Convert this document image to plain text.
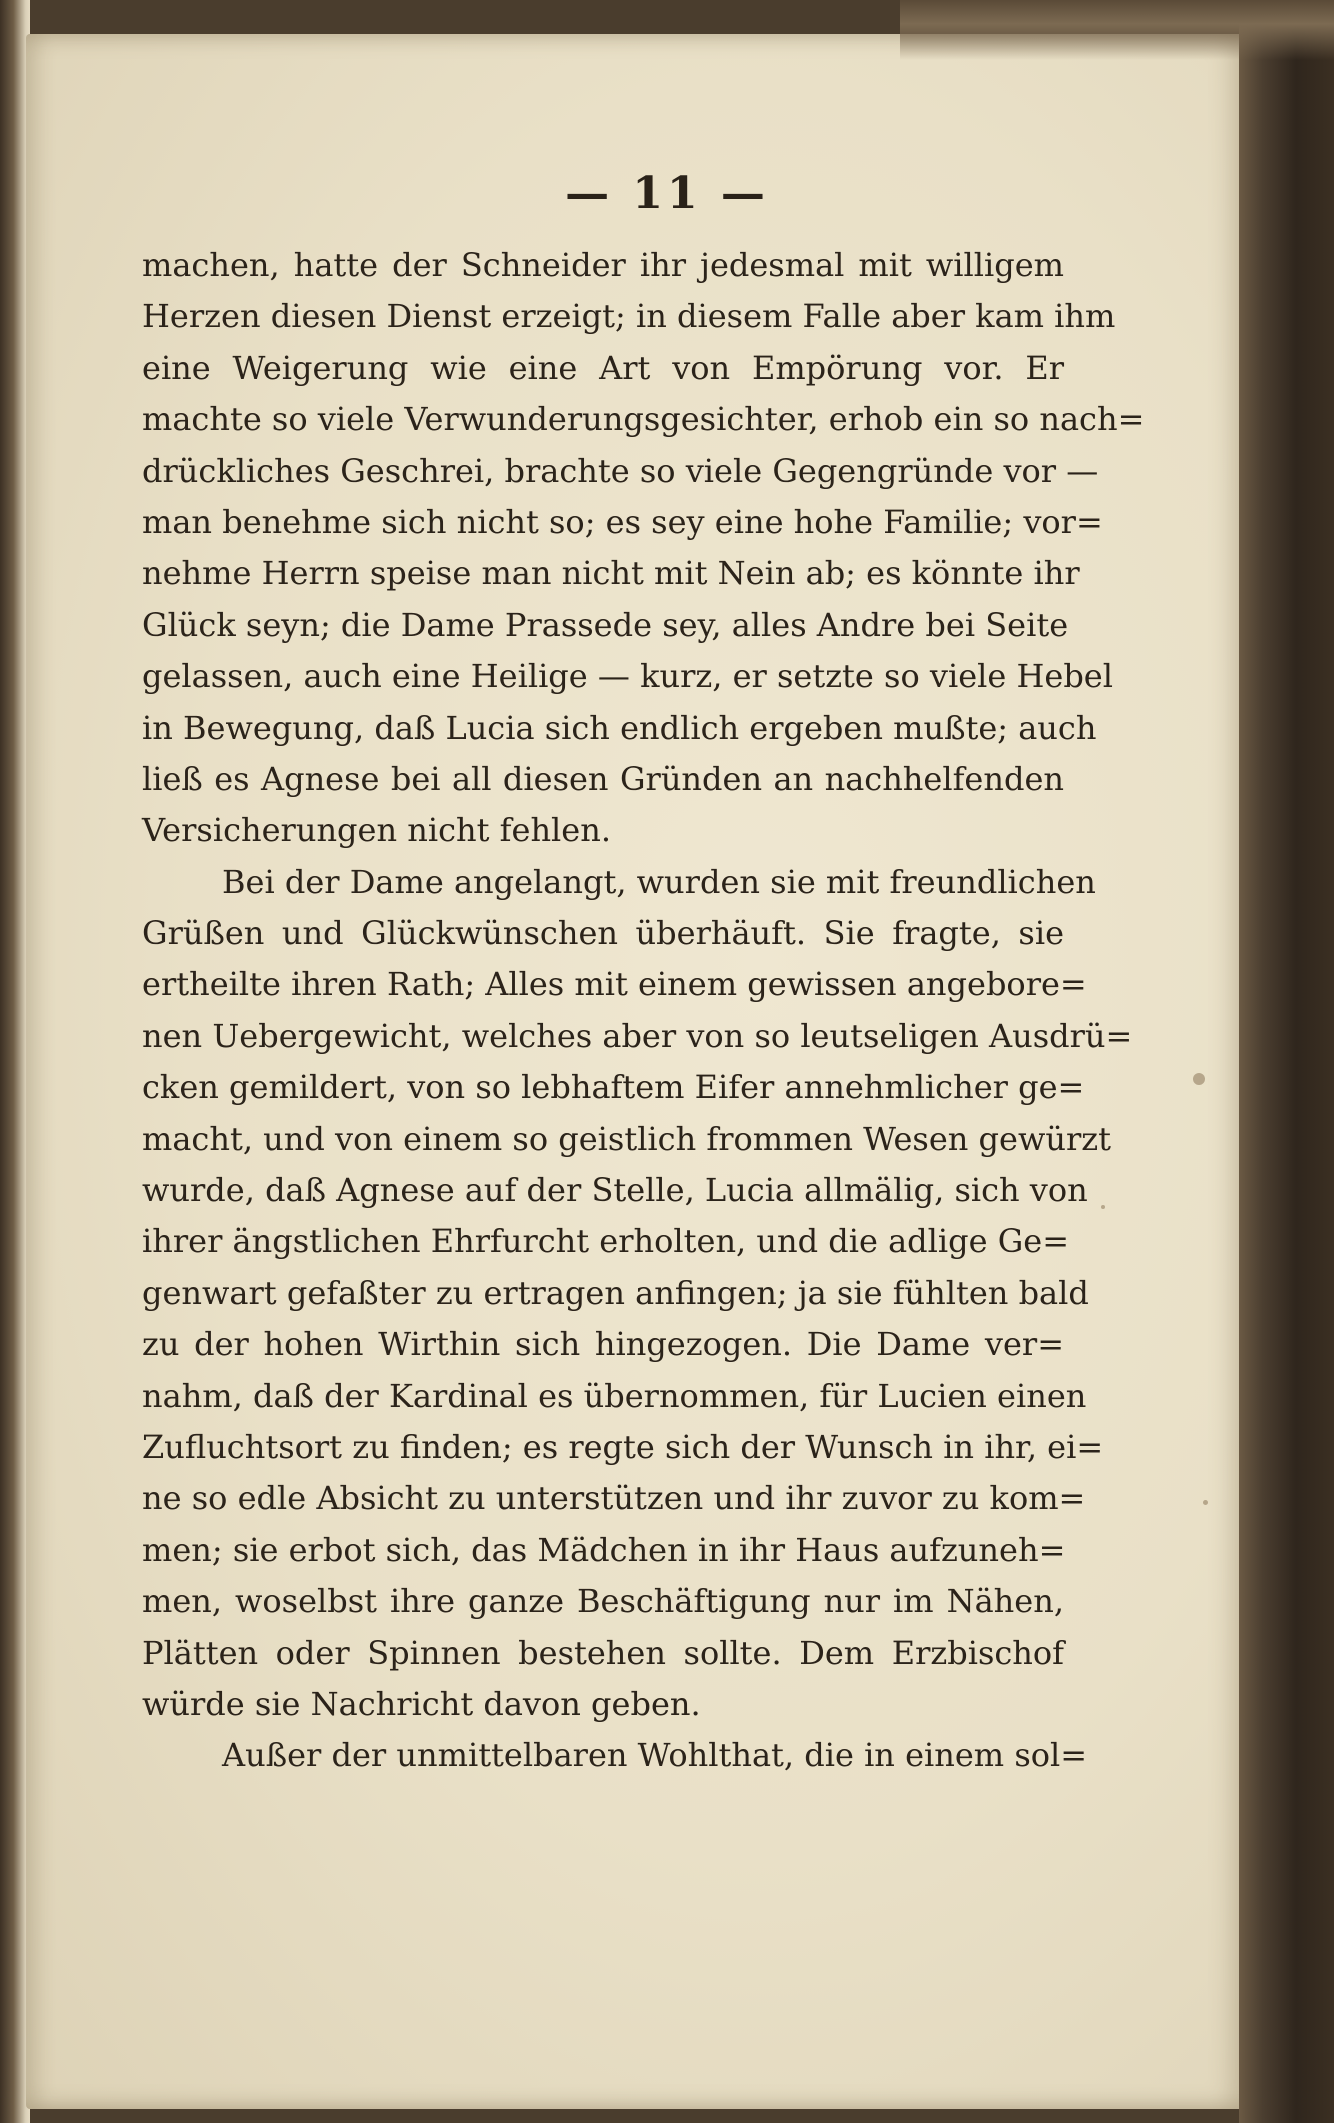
— 11 —
machen, hatte der Schneider ihr jedesmal mit willigem
Herzen diesen Dienst erzeigt; in diesem Falle aber kam ihm
eine Weigerung wie eine Art von Empörung vor. Er
machte so viele Verwunderungsgesichter, erhob ein so nach=
drückliches Geschrei, brachte so viele Gegengründe vor —
man benehme sich nicht so; es sey eine hohe Familie; vor=
nehme Herrn speise man nicht mit Nein ab; es könnte ihr
Glück seyn; die Dame Prassede sey, alles Andre bei Seite
gelassen, auch eine Heilige — kurz, er setzte so viele Hebel
in Bewegung, daß Lucia sich endlich ergeben mußte; auch
ließ es Agnese bei all diesen Gründen an nachhelfenden
Versicherungen nicht fehlen.
Bei der Dame angelangt, wurden sie mit freundlichen
Grüßen und Glückwünschen überhäuft. Sie fragte, sie
ertheilte ihren Rath; Alles mit einem gewissen angebore=
nen Uebergewicht, welches aber von so leutseligen Ausdrü=
cken gemildert, von so lebhaftem Eifer annehmlicher ge=
macht, und von einem so geistlich frommen Wesen gewürzt
wurde, daß Agnese auf der Stelle, Lucia allmälig, sich von
ihrer ängstlichen Ehrfurcht erholten, und die adlige Ge=
genwart gefaßter zu ertragen anfingen; ja sie fühlten bald
zu der hohen Wirthin sich hingezogen. Die Dame ver=
nahm, daß der Kardinal es übernommen, für Lucien einen
Zufluchtsort zu finden; es regte sich der Wunsch in ihr, ei=
ne so edle Absicht zu unterstützen und ihr zuvor zu kom=
men; sie erbot sich, das Mädchen in ihr Haus aufzuneh=
men, woselbst ihre ganze Beschäftigung nur im Nähen,
Plätten oder Spinnen bestehen sollte. Dem Erzbischof
würde sie Nachricht davon geben.
Außer der unmittelbaren Wohlthat, die in einem sol=
